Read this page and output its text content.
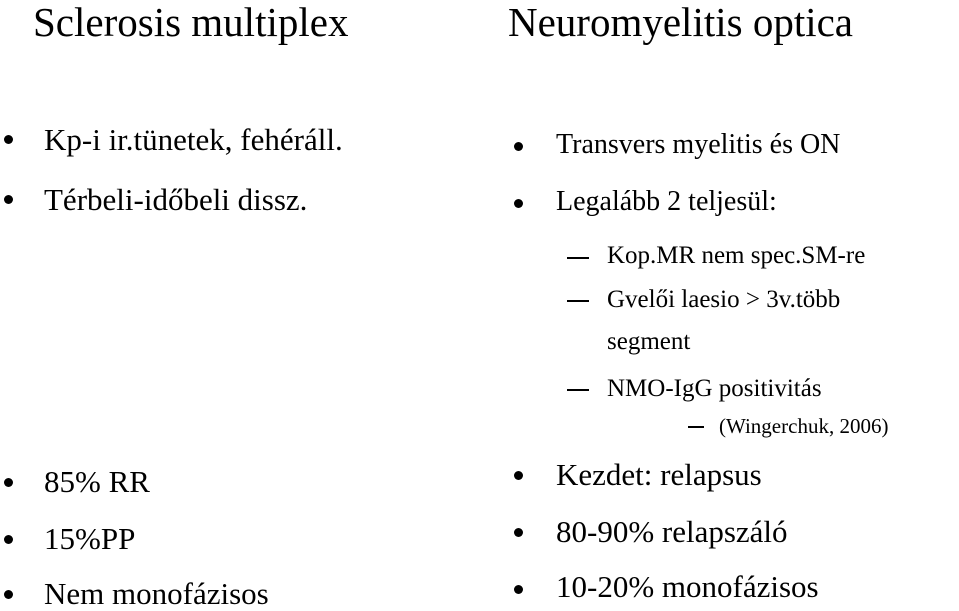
Sclerosis multiplex
Kp-i ir.tünetek, fehéráll.
Térbeli-időbeli dissz.
85% RR
15%PP
Nem monofázisos
Neuromyelitis optica
Transvers myelitis és ON
Legalább 2 teljesül:
Kop.MR nem spec.SM-re
Gvelői laesio > 3v.több
segment
NMO-IgG positivitás
(Wingerchuk, 2006)
Kezdet: relapsus
80-90% relapszáló
10-20% monofázisos
